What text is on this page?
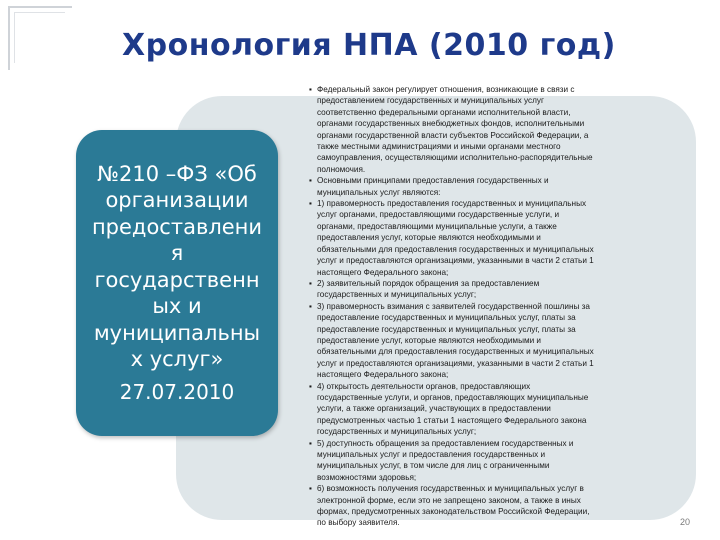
Хронология НПА (2010 год)
№210 –ФЗ «Об
организации
предоставлени
я
государственн
ых и
муниципальны
х услуг»
27.07.2010
▪ Федеральный закон регулирует отношения, возникающие в связи с
предоставлением государственных и муниципальных услуг
соответственно федеральными органами исполнительной власти,
органами государственных внебюджетных фондов, исполнительными
органами государственной власти субъектов Российской Федерации, а
также местными администрациями и иными органами местного
самоуправления, осуществляющими исполнительно-распорядительные
полномочия.
▪ Основными принципами предоставления государственных и
муниципальных услуг являются:
▪ 1) правомерность предоставления государственных и муниципальных
услуг органами, предоставляющими государственные услуги, и
органами, предоставляющими муниципальные услуги, а также
предоставления услуг, которые являются необходимыми и
обязательными для предоставления государственных и муниципальных
услуг и предоставляются организациями, указанными в части 2 статьи 1
настоящего Федерального закона;
▪ 2) заявительный порядок обращения за предоставлением
государственных и муниципальных услуг;
▪ 3) правомерность взимания с заявителей государственной пошлины за
предоставление государственных и муниципальных услуг, платы за
предоставление государственных и муниципальных услуг, платы за
предоставление услуг, которые являются необходимыми и
обязательными для предоставления государственных и муниципальных
услуг и предоставляются организациями, указанными в части 2 статьи 1
настоящего Федерального закона;
▪ 4) открытость деятельности органов, предоставляющих
государственные услуги, и органов, предоставляющих муниципальные
услуги, а также организаций, участвующих в предоставлении
предусмотренных частью 1 статьи 1 настоящего Федерального закона
государственных и муниципальных услуг;
▪ 5) доступность обращения за предоставлением государственных и
муниципальных услуг и предоставления государственных и
муниципальных услуг, в том числе для лиц с ограниченными
возможностями здоровья;
▪ 6) возможность получения государственных и муниципальных услуг в
электронной форме, если это не запрещено законом, а также в иных
формах, предусмотренных законодательством Российской Федерации,
по выбору заявителя.	20
